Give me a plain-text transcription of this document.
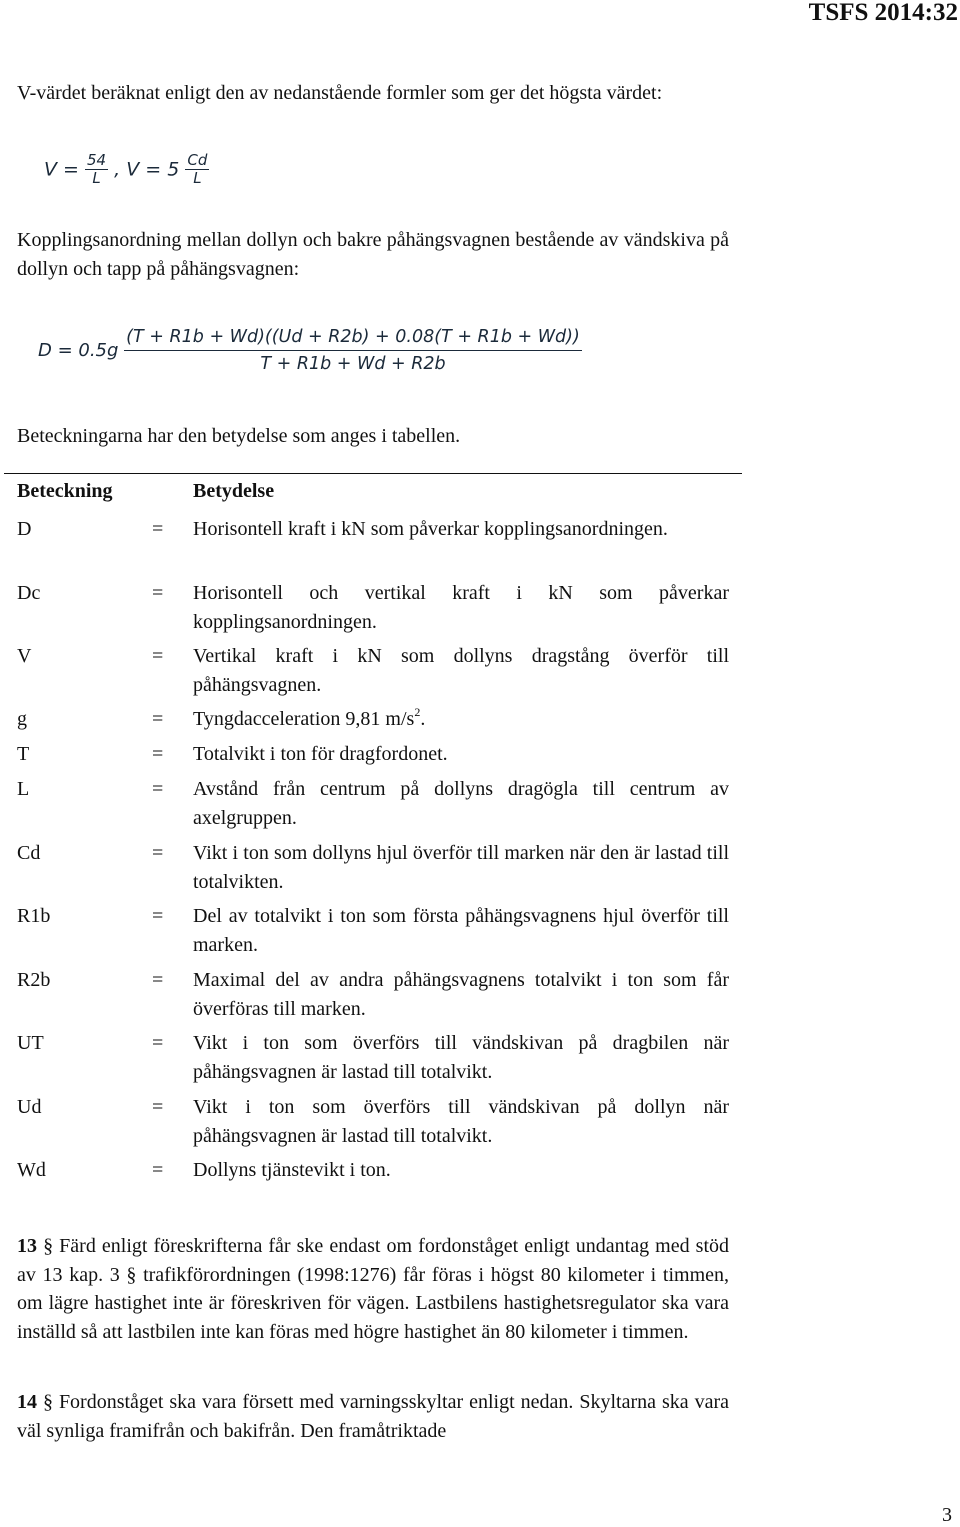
TSFS 2014:32
V-värdet beräknat enligt den av nedanstående formler som ger det högsta värdet:
$V = \frac{54}{L}$ , $V = 5 \frac{Cd}{L}$
Kopplingsanordning mellan dollyn och bakre påhängsvagnen bestående av vändskiva på dollyn och tapp på påhängsvagnen:
$D = 0.5g \frac{(T + R1b + Wd)((Ud + R2b) + 0.08(T + R1b + Wd))}{T + R1b + Wd + R2b}$
Beteckningarna har den betydelse som anges i tabellen.
Beteckning	Betydelse
D	= Horisontell kraft i kN som påverkar kopplingsanordningen.
Dc	= Horisontell och vertikal kraft i kN som påverkar kopplingsanordningen.
V	= Vertikal kraft i kN som dollyns dragstång överför till påhängsvagnen.
g	= Tyngdacceleration 9,81 $m/s^2$.
T	= Totalvikt i ton för dragfordonet.
L	= Avstånd från centrum på dollyns dragögla till centrum av axelgruppen.
Cd	= Vikt i ton som dollyns hjul överför till marken när den är lastad till totalvikten.
R1b	= Del av totalvikt i ton som första påhängsvagnens hjul överför till marken.
R2b	= Maximal del av andra påhängsvagnens totalvikt i ton som får överföras till marken.
UT	= Vikt i ton som överförs till vändskivan på dragbilen när påhängsvagnen är lastad till totalvikt.
Ud	= Vikt i ton som överförs till vändskivan på dollyn när påhängsvagnen är lastad till totalvikt.
Wd	= Dollyns tjänstevikt i ton.
13 § Färd enligt föreskrifterna får ske endast om fordonståget enligt undantag med stöd av 13 kap. 3 § trafikförordningen (1998:1276) får föras i högst 80 kilometer i timmen, om lägre hastighet inte är föreskriven för vägen. Lastbilens hastighetsregulator ska vara inställd så att lastbilen inte kan föras med högre hastighet än 80 kilometer i timmen.
14 § Fordonståget ska vara försett med varningsskyltar enligt nedan. Skyltarna ska vara väl synliga framifrån och bakifrån. Den framåtriktade
3
